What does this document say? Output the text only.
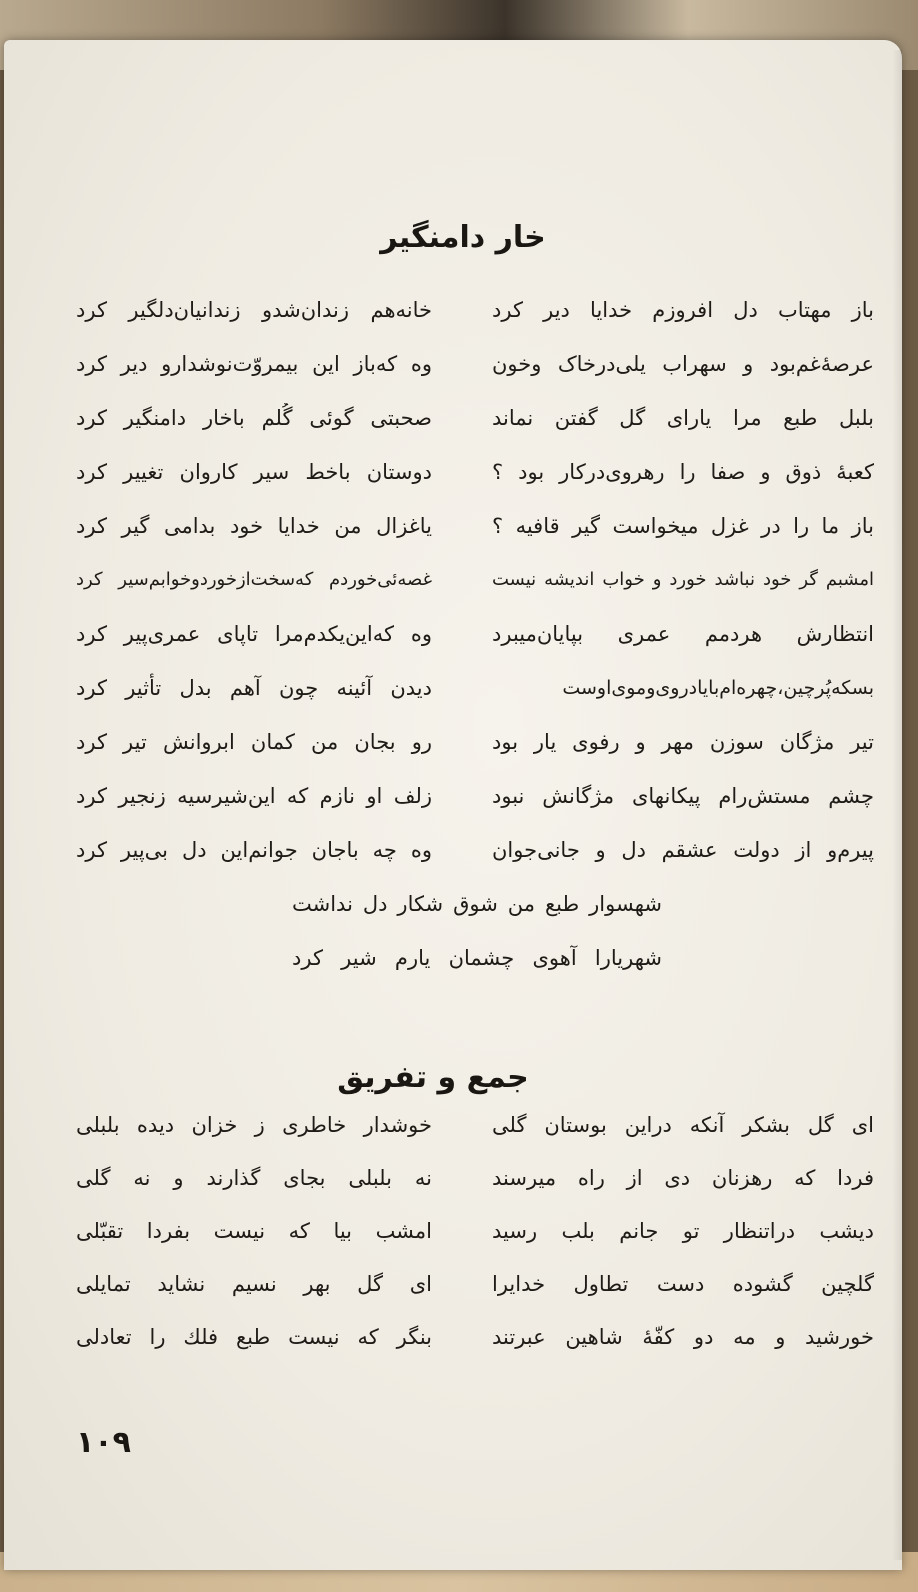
خار دامنگیر
باز مهتاب دل افروزم خدایا دیر کرد
خانه‌هم زندان‌شدو زندانیان‌دلگیر کرد
عرصهٔ‌غم‌بود و سهراب یلی‌درخاک وخون
وه که‌باز این بیمروّت‌نوشدارو دیر کرد
بلبل طبع مرا یارای گل گفتن نماند
صحبتی گوئی گُلم باخار دامنگیر کرد
کعبهٔ ذوق و صفا را رهروی‌درکار بود ؟
دوستان باخط سیر کاروان تغییر کرد
باز ما را در غزل میخواست گیر قافیه ؟
یاغزال من خدایا خود بدامی گیر کرد
امشبم گر خود نباشد خورد و خواب اندیشه نیست
غصه‌ئی‌خوردم که‌سخت‌از‌خورد‌و‌خوابم‌سیر کرد
انتظارش هردمم عمری بپایان‌میبرد
وه که‌این‌یکدم‌مرا تاپای عمری‌پیر کرد
بسکه‌پُرچین،چهره‌ام‌بایادروی‌وموی‌اوست
دیدن آئینه چون آهم بدل تأثیر کرد
تیر مژگان سوزن مهر و رفوی یار بود
رو بجان من کمان ابروانش تیر کرد
چشم مستش‌رام پیکانهای مژگانش نبود
زلف او نازم که این‌شیرسیه زنجیر کرد
پیرم‌و از دولت عشقم دل و جانی‌جوان
وه چه باجان جوانم‌این دل بی‌پیر کرد
شهسوار طبع من شوق شکار دل نداشت
شهریارا آهوی چشمان یارم شیر کرد
جمع و تفریق
ای گل بشکر آنکه دراین بوستان گلی
خوشدار خاطری ز خزان دیده بلبلی
فردا که رهزنان دی از راه میرسند
نه بلبلی بجای گذارند و نه گلی
دیشب دراتنظار تو جانم بلب رسید
امشب بیا که نیست بفردا تقبّلی
گلچین گشوده دست تطاول خدایرا
ای گل بهر نسیم نشاید تمایلی
خورشید و مه دو کفّهٔ شاهین عبرتند
بنگر که نیست طبع فلك را تعادلی
۱۰۹
